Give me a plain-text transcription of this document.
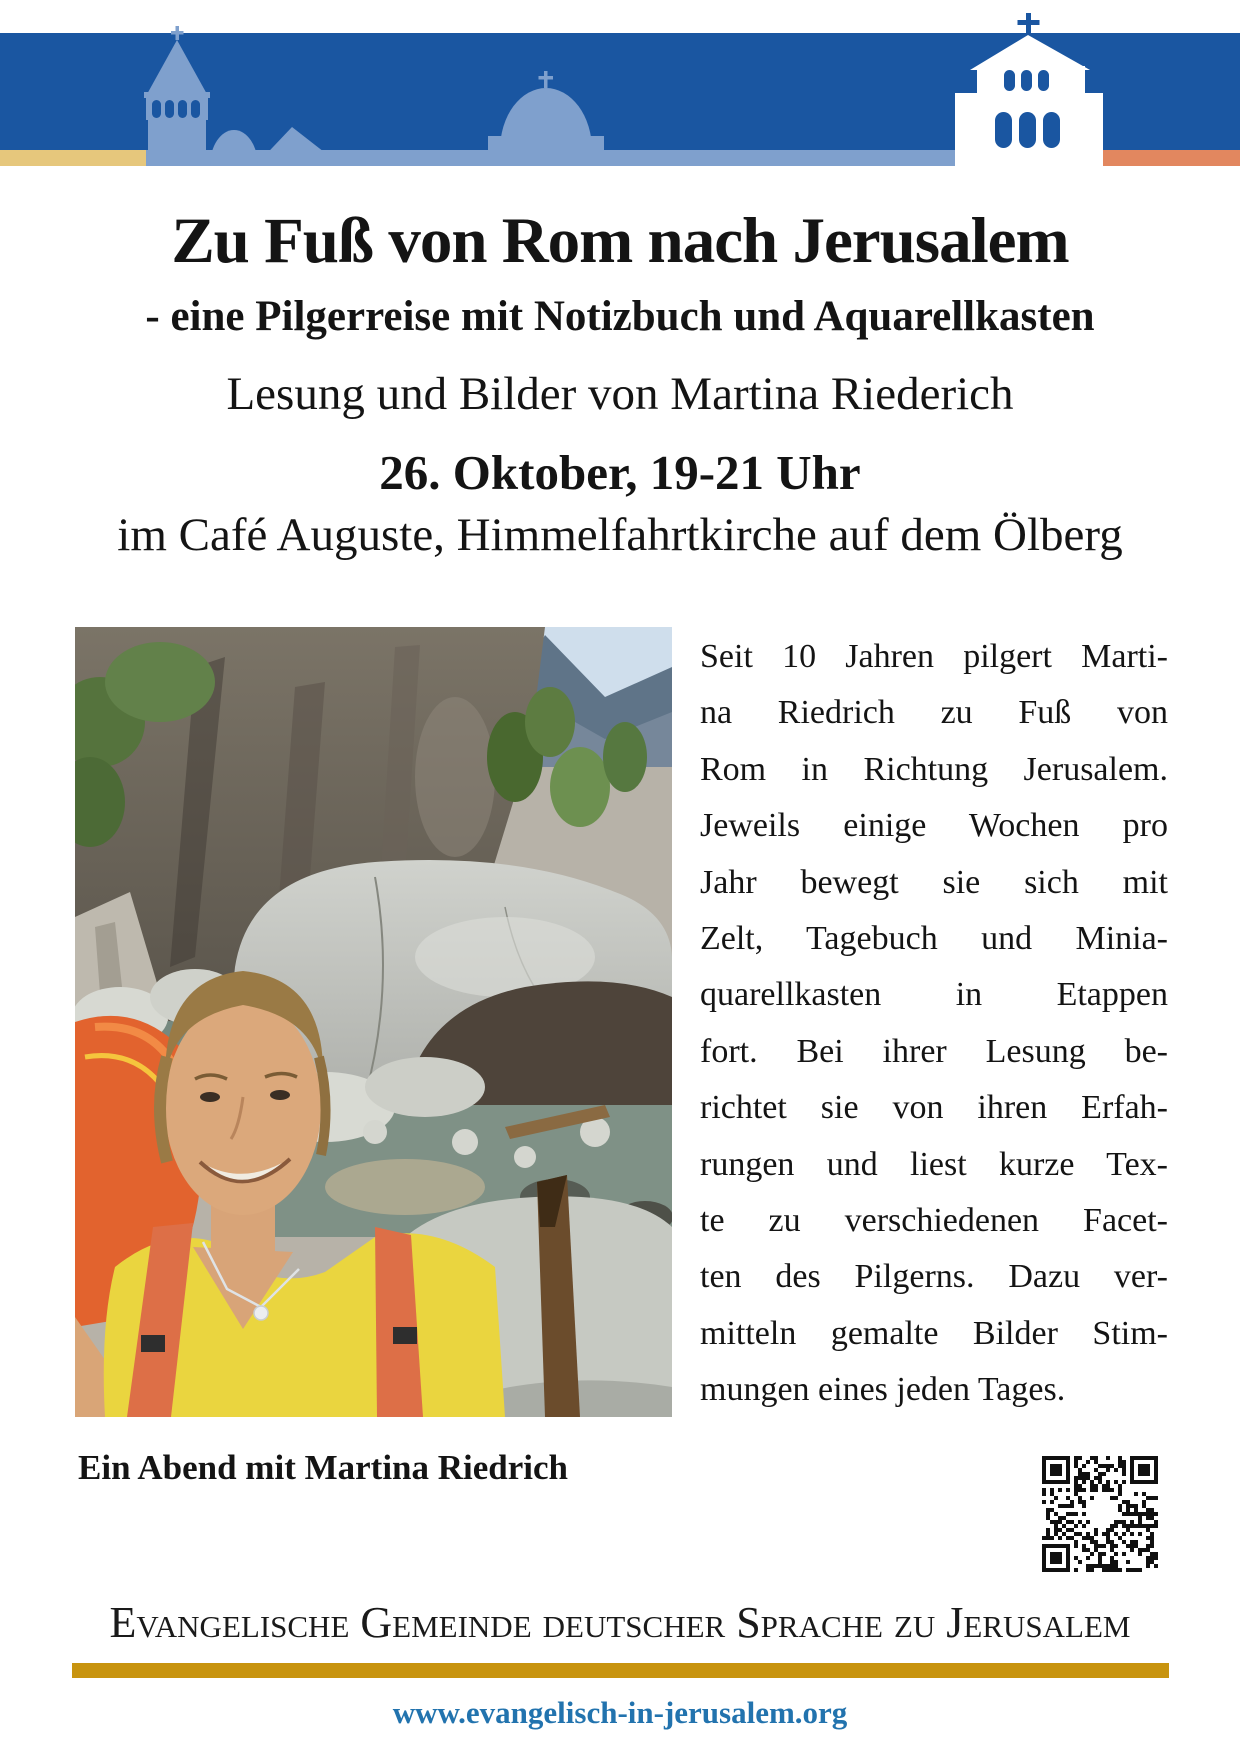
Zu Fuß von Rom nach Jerusalem
- eine Pilgerreise mit Notizbuch und Aquarellkasten
Lesung und Bilder von Martina Riederich
26. Oktober, 19-21 Uhr
im Café Auguste, Himmelfahrtkirche auf dem Ölberg
Seit 10 Jahren pilgert Marti-
na Riedrich zu Fuß von
Rom in Richtung Jerusalem.
Jeweils einige Wochen pro
Jahr bewegt sie sich mit
Zelt, Tagebuch und Minia-
quarellkasten in Etappen
fort. Bei ihrer Lesung be-
richtet sie von ihren Erfah-
rungen und liest kurze Tex-
te zu verschiedenen Facet-
ten des Pilgerns. Dazu ver-
mitteln gemalte Bilder Stim-
mungen eines jeden Tages.
Ein Abend mit Martina Riedrich
Evangelische Gemeinde deutscher Sprache zu Jerusalem
www.evangelisch-in-jerusalem.org
